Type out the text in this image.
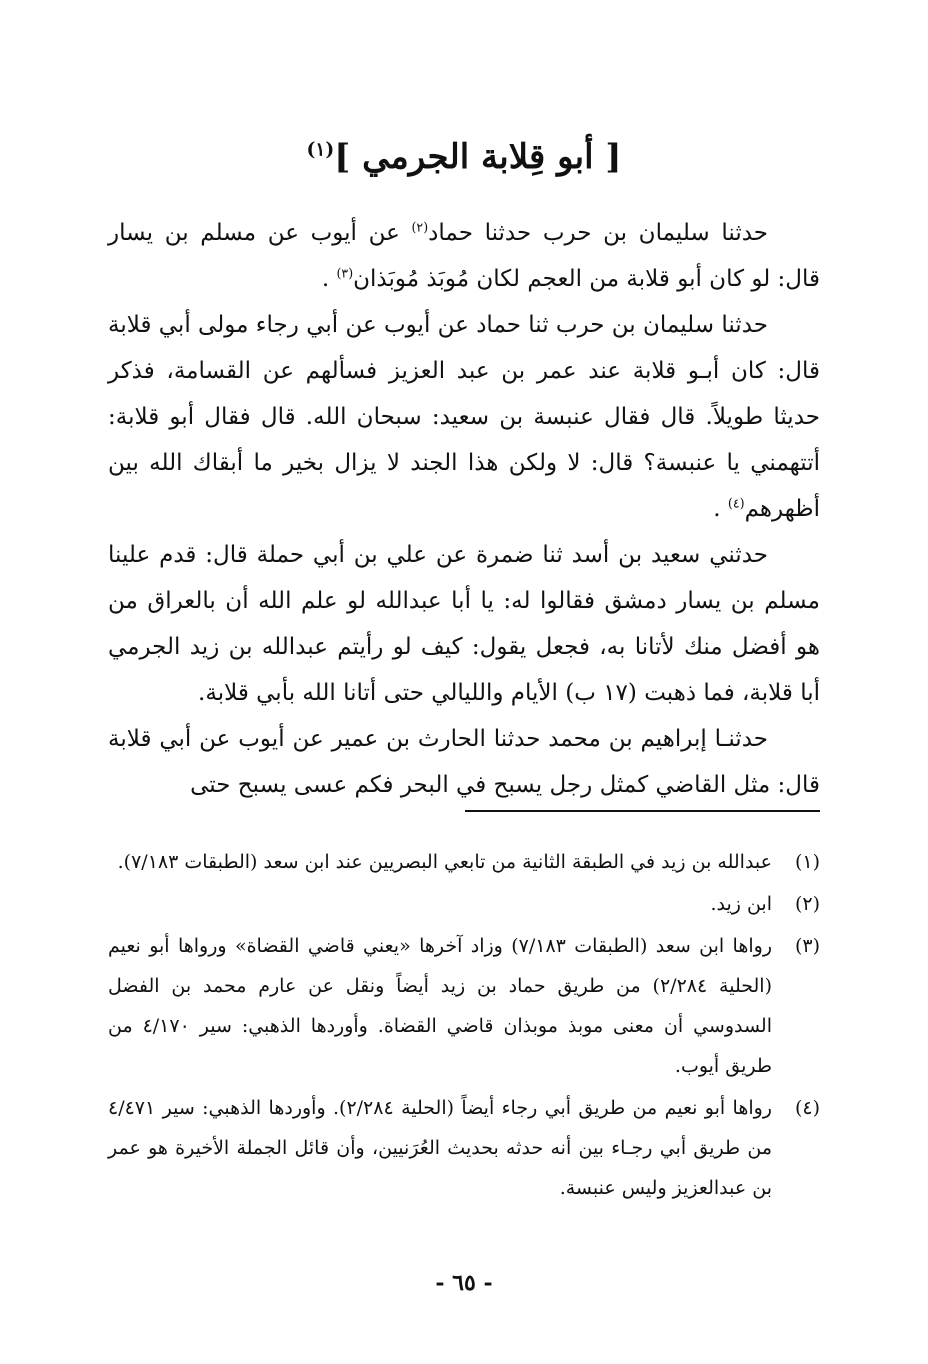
[ أبو قِلابة الجرمي ]$^{(١)}$

حدثنا سليمان بن حرب حدثنا حماد$^{(٢)}$ عن أيوب عن مسلم بن يسار قال: لو كان أبو قلابة من العجم لكان مُوبَذ مُوبَذان$^{(٣)}$ .

حدثنا سليمان بن حرب ثنا حماد عن أيوب عن أبي رجاء مولى أبي قلابة قال: كان أبـو قلابة عند عمر بن عبد العزيز فسألهم عن القسامة، فذكر حديثا طويلاً. قال فقال عنبسة بن سعيد: سبحان الله. قال فقال أبو قلابة: أتتهمني يا عنبسة؟ قال: لا ولكن هذا الجند لا يزال بخير ما أبقاك الله بين أظهرهم$^{(٤)}$ .

حدثني سعيد بن أسد ثنا ضمرة عن علي بن أبي حملة قال: قدم علينا مسلم بن يسار دمشق فقالوا له: يا أبا عبدالله لو علم الله أن بالعراق من هو أفضل منك لأتانا به، فجعل يقول: كيف لو رأيتم عبدالله بن زيد الجرمي أبا قلابة، فما ذهبت (١٧ ب) الأيام والليالي حتى أتانا الله بأبي قلابة.

حدثنـا إبراهيم بن محمد حدثنا الحارث بن عمير عن أيوب عن أبي قلابة قال: مثل القاضي كمثل رجل يسبح في البحر فكم عسى يسبح حتى

(١)
عبدالله بن زيد في الطبقة الثانية من تابعي البصريين عند ابن سعد (الطبقات ٧/١٨٣).
(٢)
ابن زيد.
(٣)
رواها ابن سعد (الطبقات ٧/١٨٣) وزاد آخرها «يعني قاضي القضاة» ورواها أبو نعيم (الحلية ٢/٢٨٤) من طريق حماد بن زيد أيضاً ونقل عن عارم محمد بن الفضل السدوسي أن معنى موبذ موبذان قاضي القضاة. وأوردها الذهبي: سير ٤/١٧٠ من طريق أيوب.
(٤)
رواها أبو نعيم من طريق أبي رجاء أيضاً (الحلية ٢/٢٨٤). وأوردها الذهبي: سير ٤/٤٧١ من طريق أبي رجـاء بين أنه حدثه بحديث العُرَنيين، وأن قائل الجملة الأخيرة هو عمر بن عبدالعزيز وليس عنبسة.
- ٦٥ -
